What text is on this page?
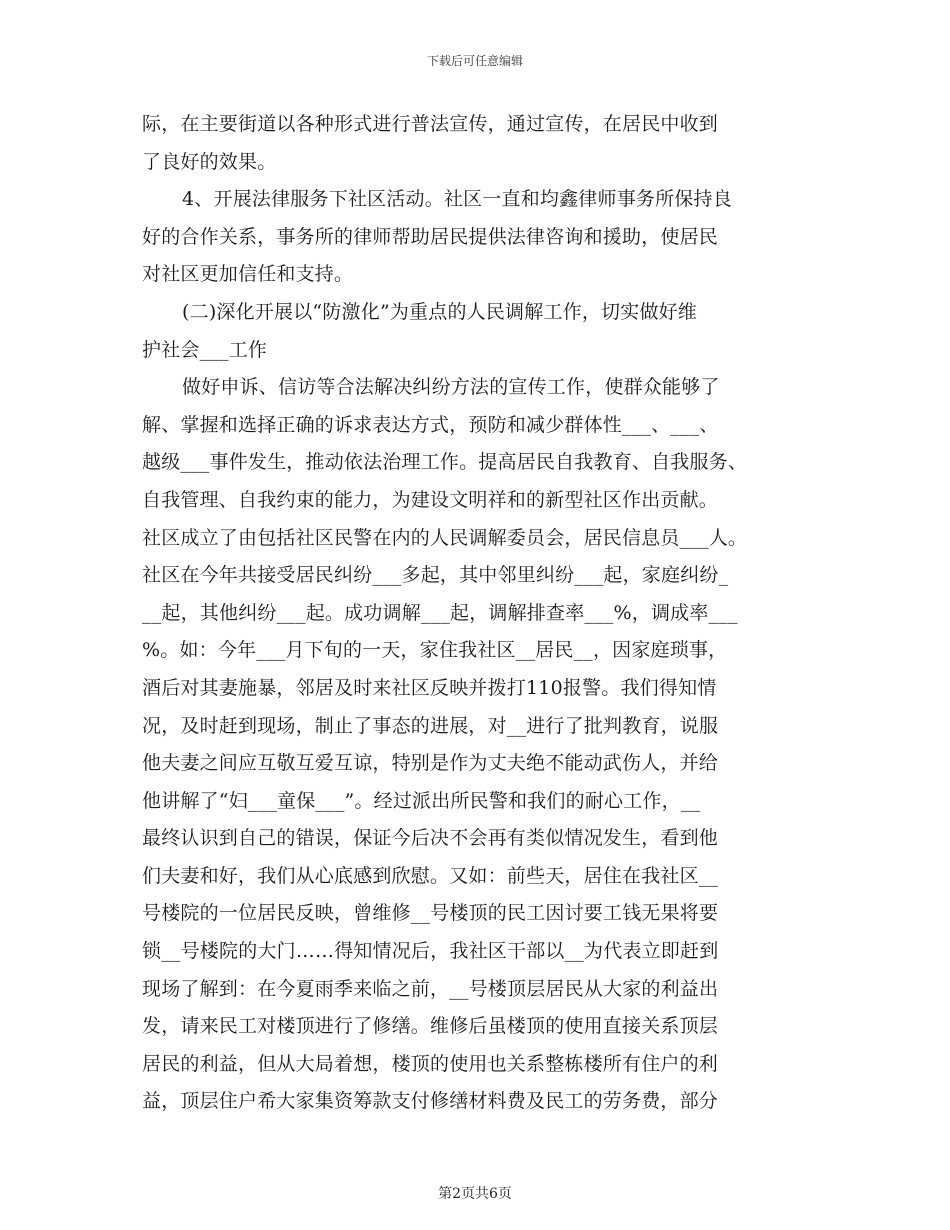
下载后可任意编辑
际，在主要街道以各种形式进行普法宣传，通过宣传，在居民中收到
了良好的效果。
4、开展法律服务下社区活动。社区一直和均鑫律师事务所保持良
好的合作关系，事务所的律师帮助居民提供法律咨询和援助，使居民
对社区更加信任和支持。
(二)深化开展以“防激化”为重点的人民调解工作，切实做好维
护社会___工作
做好申诉、信访等合法解决纠纷方法的宣传工作，使群众能够了
解、掌握和选择正确的诉求表达方式，预防和减少群体性___、___、
越级___事件发生，推动依法治理工作。提高居民自我教育、自我服务、
自我管理、自我约束的能力，为建设文明祥和的新型社区作出贡献。
社区成立了由包括社区民警在内的人民调解委员会，居民信息员___人。
社区在今年共接受居民纠纷___多起，其中邻里纠纷___起，家庭纠纷_
__起，其他纠纷___起。成功调解___起，调解排查率___%，调成率___
%。如：今年___月下旬的一天，家住我社区__居民__，因家庭琐事，
酒后对其妻施暴，邻居及时来社区反映并拨打110报警。我们得知情
况，及时赶到现场，制止了事态的进展，对__进行了批判教育，说服
他夫妻之间应互敬互爱互谅，特别是作为丈夫绝不能动武伤人，并给
他讲解了“妇___童保___”。经过派出所民警和我们的耐心工作，__
最终认识到自己的错误，保证今后决不会再有类似情况发生，看到他
们夫妻和好，我们从心底感到欣慰。又如：前些天，居住在我社区__
号楼院的一位居民反映，曾维修__号楼顶的民工因讨要工钱无果将要
锁__号楼院的大门……得知情况后，我社区干部以__为代表立即赶到
现场了解到：在今夏雨季来临之前，__号楼顶层居民从大家的利益出
发，请来民工对楼顶进行了修缮。维修后虽楼顶的使用直接关系顶层
居民的利益，但从大局着想，楼顶的使用也关系整栋楼所有住户的利
益，顶层住户希大家集资筹款支付修缮材料费及民工的劳务费，部分
第2页共6页
